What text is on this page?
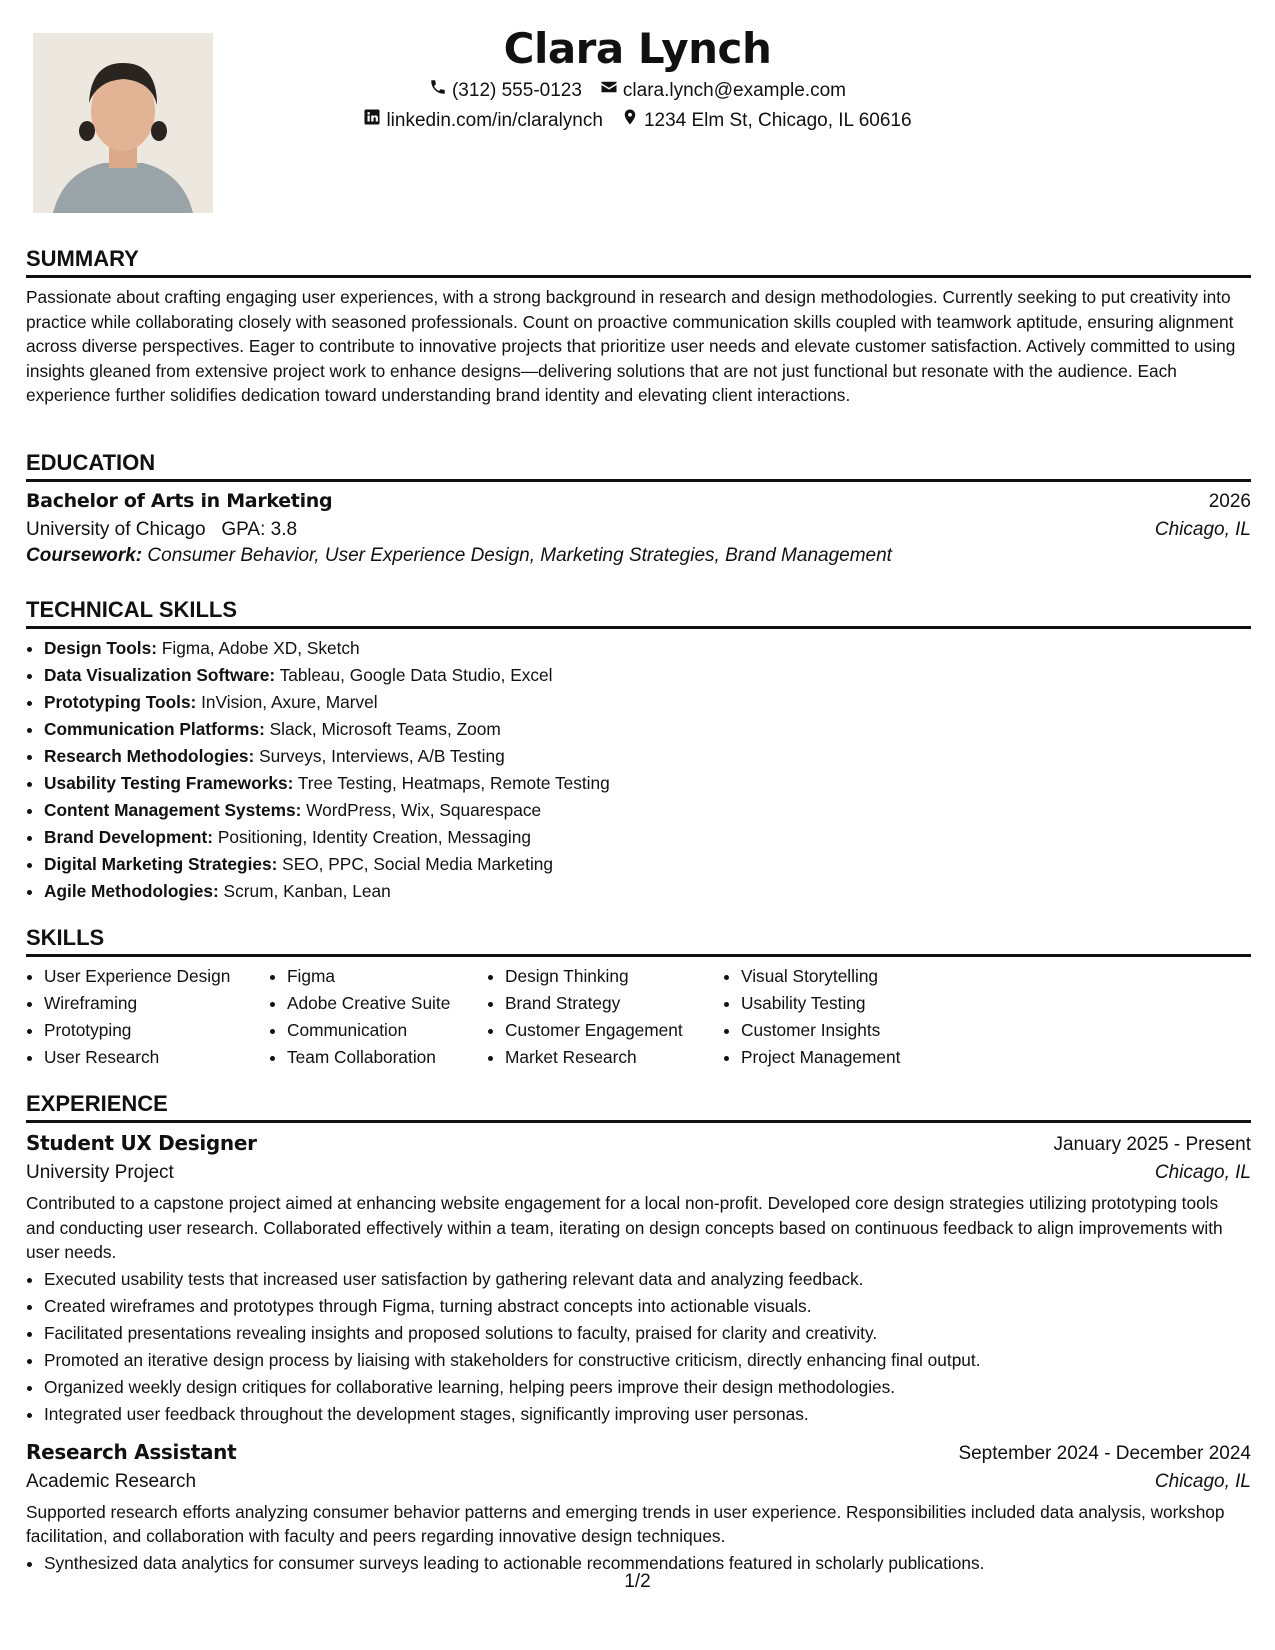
Clara Lynch
(312) 555-0123 clara.lynch@example.com
linkedin.com/in/claralynch 1234 Elm St, Chicago, IL 60616
SUMMARY
Passionate about crafting engaging user experiences, with a strong background in research and design methodologies. Currently seeking to put creativity into practice while collaborating closely with seasoned professionals. Count on proactive communication skills coupled with teamwork aptitude, ensuring alignment across diverse perspectives. Eager to contribute to innovative projects that prioritize user needs and elevate customer satisfaction. Actively committed to using insights gleaned from extensive project work to enhance designs—delivering solutions that are not just functional but resonate with the audience. Each experience further solidifies dedication toward understanding brand identity and elevating client interactions.
EDUCATION
Bachelor of Arts in Marketing	2026
University of Chicago GPA: 3.8	Chicago, IL
Coursework: Consumer Behavior, User Experience Design, Marketing Strategies, Brand Management
TECHNICAL SKILLS
• Design Tools: Figma, Adobe XD, Sketch
• Data Visualization Software: Tableau, Google Data Studio, Excel
• Prototyping Tools: InVision, Axure, Marvel
• Communication Platforms: Slack, Microsoft Teams, Zoom
• Research Methodologies: Surveys, Interviews, A/B Testing
• Usability Testing Frameworks: Tree Testing, Heatmaps, Remote Testing
• Content Management Systems: WordPress, Wix, Squarespace
• Brand Development: Positioning, Identity Creation, Messaging
• Digital Marketing Strategies: SEO, PPC, Social Media Marketing
• Agile Methodologies: Scrum, Kanban, Lean
SKILLS
• User Experience Design
• Wireframing
• Prototyping
• User Research
• Figma
• Adobe Creative Suite
• Communication
• Team Collaboration
• Design Thinking
• Brand Strategy
• Customer Engagement
• Market Research
• Visual Storytelling
• Usability Testing
• Customer Insights
• Project Management
EXPERIENCE
Student UX Designer	January 2025 - Present
University Project	Chicago, IL
Contributed to a capstone project aimed at enhancing website engagement for a local non-profit. Developed core design strategies utilizing prototyping tools and conducting user research. Collaborated effectively within a team, iterating on design concepts based on continuous feedback to align improvements with user needs.
• Executed usability tests that increased user satisfaction by gathering relevant data and analyzing feedback.
• Created wireframes and prototypes through Figma, turning abstract concepts into actionable visuals.
• Facilitated presentations revealing insights and proposed solutions to faculty, praised for clarity and creativity.
• Promoted an iterative design process by liaising with stakeholders for constructive criticism, directly enhancing final output.
• Organized weekly design critiques for collaborative learning, helping peers improve their design methodologies.
• Integrated user feedback throughout the development stages, significantly improving user personas.
Research Assistant	September 2024 - December 2024
Academic Research	Chicago, IL
Supported research efforts analyzing consumer behavior patterns and emerging trends in user experience. Responsibilities included data analysis, workshop facilitation, and collaboration with faculty and peers regarding innovative design techniques.
• Synthesized data analytics for consumer surveys leading to actionable recommendations featured in scholarly publications.
1/2
